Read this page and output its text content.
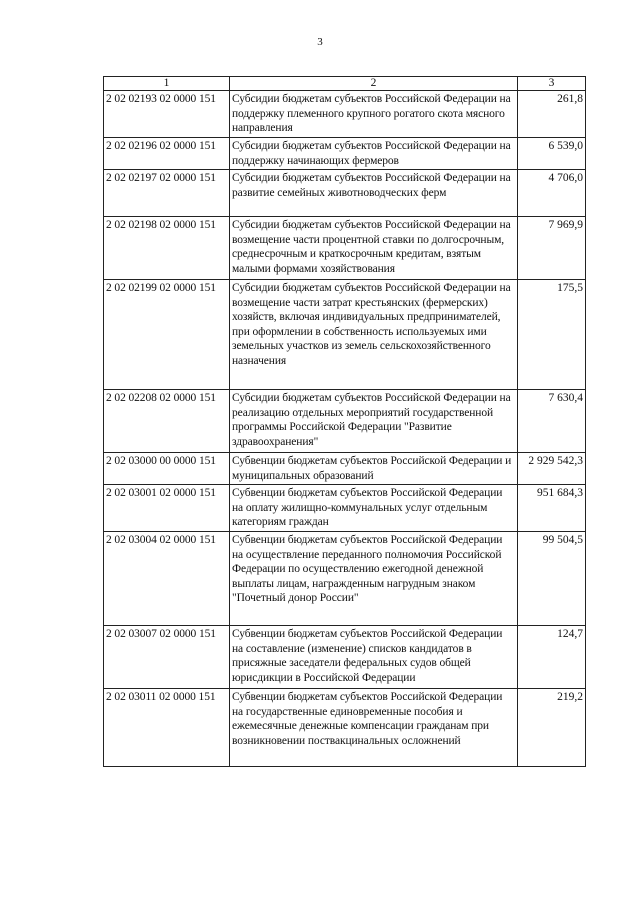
3
1	2	3
2 02 02193 02 0000 151	Субсидии бюджетам субъектов Российской Федерации на поддержку племенного крупного рогатого скота мясного направления	261,8
2 02 02196 02 0000 151	Субсидии бюджетам субъектов Российской Федерации на поддержку начинающих фермеров	6 539,0
2 02 02197 02 0000 151	Субсидии бюджетам субъектов Российской Федерации на развитие семейных животноводческих ферм	4 706,0
2 02 02198 02 0000 151	Субсидии бюджетам субъектов Российской Федерации на возмещение части процентной ставки по долгосрочным, среднесрочным и краткосрочным кредитам, взятым малыми формами хозяйствования	7 969,9
2 02 02199 02 0000 151	Субсидии бюджетам субъектов Российской Федерации на возмещение части затрат крестьянских (фермерских) хозяйств, включая индивидуальных предпринимателей, при оформлении в собственность используемых ими земельных участков из земель сельскохозяйственного назначения	175,5
2 02 02208 02 0000 151	Субсидии бюджетам субъектов Российской Федерации на реализацию отдельных мероприятий государственной программы Российской Федерации "Развитие здравоохранения"	7 630,4
2 02 03000 00 0000 151	Субвенции бюджетам субъектов Российской Федерации и муниципальных образований	2 929 542,3
2 02 03001 02 0000 151	Субвенции бюджетам субъектов Российской Федерации на оплату жилищно-коммунальных услуг отдельным категориям граждан	951 684,3
2 02 03004 02 0000 151	Субвенции бюджетам субъектов Российской Федерации на осуществление переданного полномочия Российской Федерации по осуществлению ежегодной денежной выплаты лицам, награжденным нагрудным знаком "Почетный донор России"	99 504,5
2 02 03007 02 0000 151	Субвенции бюджетам субъектов Российской Федерации на составление (изменение) списков кандидатов в присяжные заседатели федеральных судов общей юрисдикции в Российской Федерации	124,7
2 02 03011 02 0000 151	Субвенции бюджетам субъектов Российской Федерации на государственные единовременные пособия и ежемесячные денежные компенсации гражданам при возникновении поствакцинальных осложнений	219,2
